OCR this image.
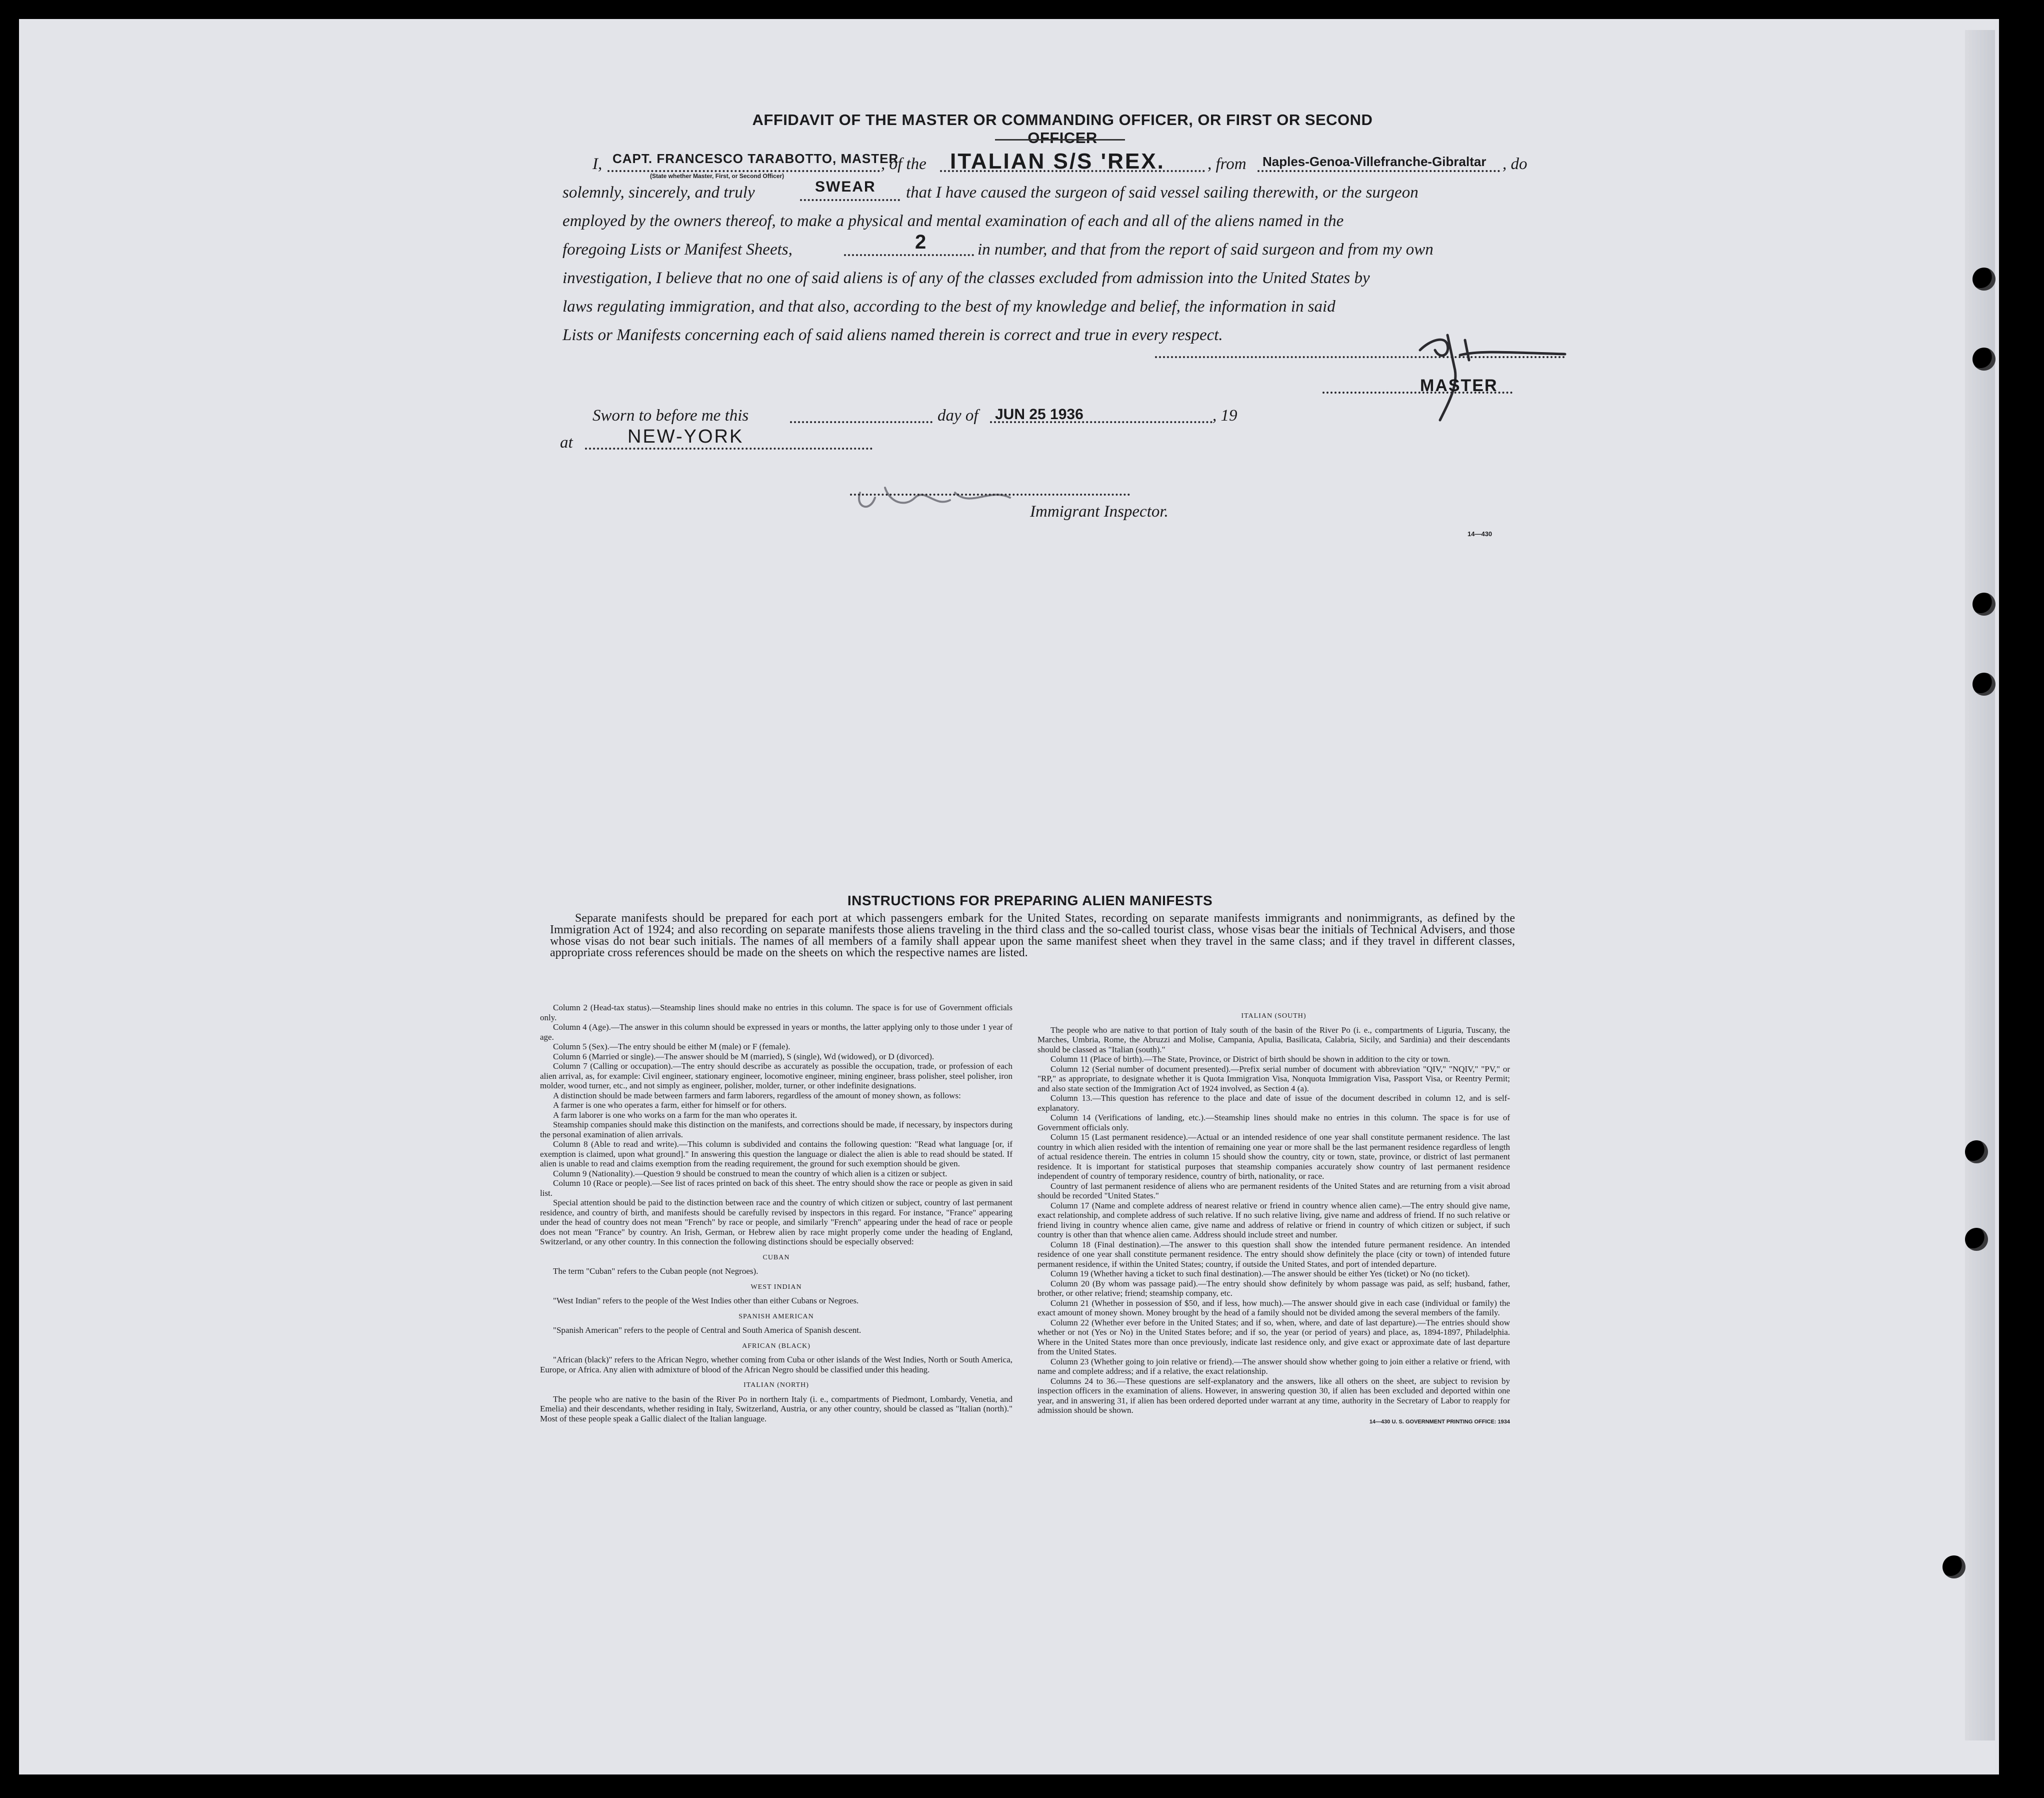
AFFIDAVIT OF THE MASTER OR COMMANDING OFFICER, OR FIRST OR SECOND OFFICER
I, CAPT. FRANCESCO TARABOTTO, MASTER
(State whether Master, First, or Second Officer)
, of the ITALIAN S/S 'REX.	, from Naples-Genoa-Villefranche-Gibraltar , do
solemnly, sincerely, and truly	SWEAR that I have caused the surgeon of said vessel sailing therewith, or the surgeon
employed by the owners thereof, to make a physical and mental examination of each and all of the aliens named in the
foregoing Lists or Manifest Sheets,	2	in number, and that from the report of said surgeon and from my own
investigation, I believe that no one of said aliens is of any of the classes excluded from admission into the United States by
laws regulating immigration, and that also, according to the best of my knowledge and belief, the information in said
Lists or Manifests concerning each of said aliens named therein is correct and true in every respect.
MASTER
Sworn to before me this	day of JUN 25 1936	, 19
at	NEW-YORK
Immigrant Inspector.
14—430
INSTRUCTIONS FOR PREPARING ALIEN MANIFESTS
Separate manifests should be prepared for each port at which passengers embark for the United States, recording on separate manifests immigrants and nonimmigrants, as defined by the Immigration Act of 1924; and also recording on separate manifests those aliens traveling in the third class and the so-called tourist class, whose visas bear the initials of Technical Advisers, and those whose visas do not bear such initials. The names of all members of a family shall appear upon the same manifest sheet when they travel in the same class; and if they travel in different classes, appropriate cross references should be made on the sheets on which the respective names are listed.

Column 2 (Head-tax status).—Steamship lines should make no entries in this column. The space is for use of Government officials only.

Column 4 (Age).—The answer in this column should be expressed in years or months, the latter applying only to those under 1 year of age.

Column 5 (Sex).—The entry should be either M (male) or F (female).

Column 6 (Married or single).—The answer should be M (married), S (single), Wd (widowed), or D (divorced).

Column 7 (Calling or occupation).—The entry should describe as accurately as possible the occupation, trade, or profession of each alien arrival, as, for example: Civil engineer, stationary engineer, locomotive engineer, mining engineer, brass polisher, steel polisher, iron molder, wood turner, etc., and not simply as engineer, polisher, molder, turner, or other indefinite designations.

A distinction should be made between farmers and farm laborers, regardless of the amount of money shown, as follows:

A farmer is one who operates a farm, either for himself or for others.

A farm laborer is one who works on a farm for the man who operates it.

Steamship companies should make this distinction on the manifests, and corrections should be made, if necessary, by inspectors during the personal examination of alien arrivals.

Column 8 (Able to read and write).—This column is subdivided and contains the following question: "Read what language [or, if exemption is claimed, upon what ground]." In answering this question the language or dialect the alien is able to read should be stated. If alien is unable to read and claims exemption from the reading requirement, the ground for such exemption should be given.

Column 9 (Nationality).—Question 9 should be construed to mean the country of which alien is a citizen or subject.

Column 10 (Race or people).—See list of races printed on back of this sheet. The entry should show the race or people as given in said list.

Special attention should be paid to the distinction between race and the country of which citizen or subject, country of last permanent residence, and country of birth, and manifests should be carefully revised by inspectors in this regard. For instance, "France" appearing under the head of country does not mean "French" by race or people, and similarly "French" appearing under the head of race or people does not mean "France" by country. An Irish, German, or Hebrew alien by race might properly come under the heading of England, Switzerland, or any other country. In this connection the following distinctions should be especially observed:

CUBAN

The term "Cuban" refers to the Cuban people (not Negroes).

WEST INDIAN

"West Indian" refers to the people of the West Indies other than either Cubans or Negroes.

SPANISH AMERICAN

"Spanish American" refers to the people of Central and South America of Spanish descent.

AFRICAN (BLACK)

"African (black)" refers to the African Negro, whether coming from Cuba or other islands of the West Indies, North or South America, Europe, or Africa. Any alien with admixture of blood of the African Negro should be classified under this heading.

ITALIAN (NORTH)

The people who are native to the basin of the River Po in northern Italy (i. e., compartments of Piedmont, Lombardy, Venetia, and Emelia) and their descendants, whether residing in Italy, Switzerland, Austria, or any other country, should be classed as "Italian (north)." Most of these people speak a Gallic dialect of the Italian language.

ITALIAN (SOUTH)

The people who are native to that portion of Italy south of the basin of the River Po (i. e., compartments of Liguria, Tuscany, the Marches, Umbria, Rome, the Abruzzi and Molise, Campania, Apulia, Basilicata, Calabria, Sicily, and Sardinia) and their descendants should be classed as "Italian (south)."

Column 11 (Place of birth).—The State, Province, or District of birth should be shown in addition to the city or town.

Column 12 (Serial number of document presented).—Prefix serial number of document with abbreviation "QIV," "NQIV," "PV," or "RP," as appropriate, to designate whether it is Quota Immigration Visa, Nonquota Immigration Visa, Passport Visa, or Reentry Permit; and also state section of the Immigration Act of 1924 involved, as Section 4 (a).

Column 13.—This question has reference to the place and date of issue of the document described in column 12, and is self-explanatory.

Column 14 (Verifications of landing, etc.).—Steamship lines should make no entries in this column. The space is for use of Government officials only.

Column 15 (Last permanent residence).—Actual or an intended residence of one year shall constitute permanent residence. The last country in which alien resided with the intention of remaining one year or more shall be the last permanent residence regardless of length of actual residence therein. The entries in column 15 should show the country, city or town, state, province, or district of last permanent residence. It is important for statistical purposes that steamship companies accurately show country of last permanent residence independent of country of temporary residence, country of birth, nationality, or race.

Country of last permanent residence of aliens who are permanent residents of the United States and are returning from a visit abroad should be recorded "United States."

Column 17 (Name and complete address of nearest relative or friend in country whence alien came).—The entry should give name, exact relationship, and complete address of such relative. If no such relative living, give name and address of friend. If no such relative or friend living in country whence alien came, give name and address of relative or friend in country of which citizen or subject, if such country is other than that whence alien came. Address should include street and number.

Column 18 (Final destination).—The answer to this question shall show the intended future permanent residence. An intended residence of one year shall constitute permanent residence. The entry should show definitely the place (city or town) of intended future permanent residence, if within the United States; country, if outside the United States, and port of intended departure.

Column 19 (Whether having a ticket to such final destination).—The answer should be either Yes (ticket) or No (no ticket).

Column 20 (By whom was passage paid).—The entry should show definitely by whom passage was paid, as self; husband, father, brother, or other relative; friend; steamship company, etc.

Column 21 (Whether in possession of $50, and if less, how much).—The answer should give in each case (individual or family) the exact amount of money shown. Money brought by the head of a family should not be divided among the several members of the family.

Column 22 (Whether ever before in the United States; and if so, when, where, and date of last departure).—The entries should show whether or not (Yes or No) in the United States before; and if so, the year (or period of years) and place, as, 1894-1897, Philadelphia. Where in the United States more than once previously, indicate last residence only, and give exact or approximate date of last departure from the United States.

Column 23 (Whether going to join relative or friend).—The answer should show whether going to join either a relative or friend, with name and complete address; and if a relative, the exact relationship.

Columns 24 to 36.—These questions are self-explanatory and the answers, like all others on the sheet, are subject to revision by inspection officers in the examination of aliens. However, in answering question 30, if alien has been excluded and deported within one year, and in answering 31, if alien has been ordered deported under warrant at any time, authority in the Secretary of Labor to reapply for admission should be shown.

14—430 U. S. GOVERNMENT PRINTING OFFICE: 1934
